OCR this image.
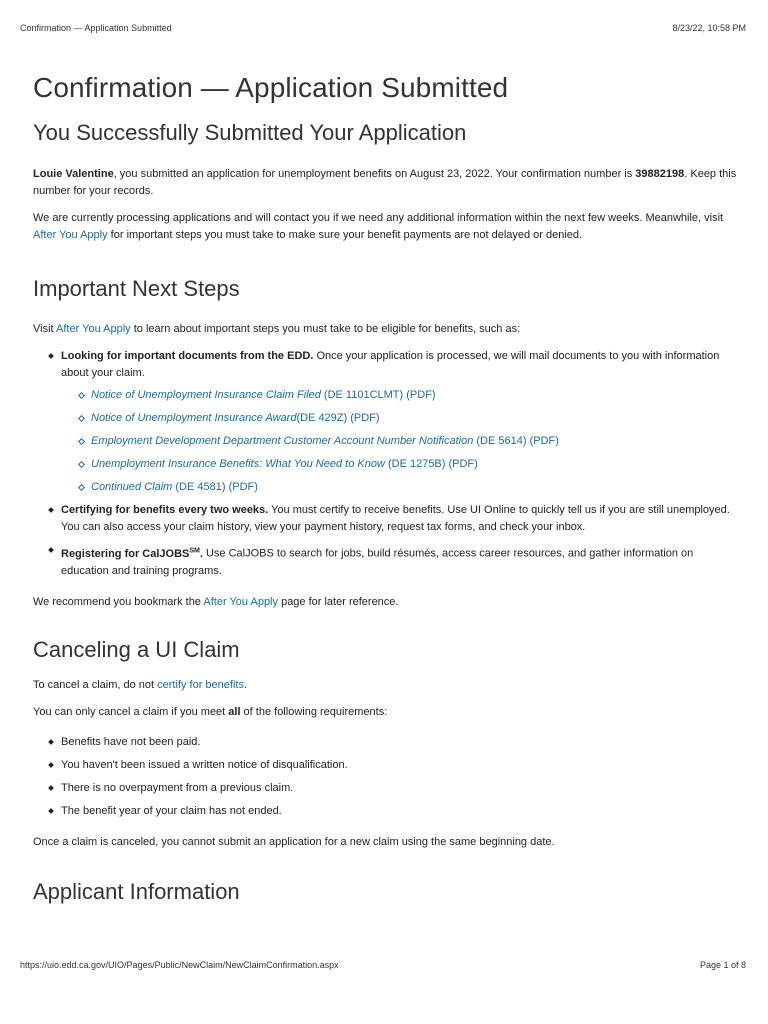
Confirmation — Application Submitted	8/23/22, 10:58 PM
Confirmation — Application Submitted
You Successfully Submitted Your Application

Louie Valentine, you submitted an application for unemployment benefits on August 23, 2022. Your confirmation number is 39882198. Keep this number for your records.

We are currently processing applications and will contact you if we need any additional information within the next few weeks. Meanwhile, visit After You Apply for important steps you must take to make sure your benefit payments are not delayed or denied.

Important Next Steps

Visit After You Apply to learn about important steps you must take to be eligible for benefits, such as:

Looking for important documents from the EDD. Once your application is processed, we will mail documents to you with information about your claim.
Notice of Unemployment Insurance Claim Filed (DE 1101CLMT) (PDF)
Notice of Unemployment Insurance Award(DE 429Z) (PDF)
Employment Development Department Customer Account Number Notification (DE 5614) (PDF)
Unemployment Insurance Benefits: What You Need to Know (DE 1275B) (PDF)
Continued Claim (DE 4581) (PDF)
Certifying for benefits every two weeks. You must certify to receive benefits. Use UI Online to quickly tell us if you are still unemployed. You can also access your claim history, view your payment history, request tax forms, and check your inbox.
Registering for CalJOBS℠. Use CalJOBS to search for jobs, build résumés, access career resources, and gather information on education and training programs.

We recommend you bookmark the After You Apply page for later reference.

Canceling a UI Claim

To cancel a claim, do not certify for benefits.

You can only cancel a claim if you meet all of the following requirements:

Benefits have not been paid.
You haven't been issued a written notice of disqualification.
There is no overpayment from a previous claim.
The benefit year of your claim has not ended.

Once a claim is canceled, you cannot submit an application for a new claim using the same beginning date.

Applicant Information
https://uio.edd.ca.gov/UIO/Pages/Public/NewClaim/NewClaimConfirmation.aspx	Page 1 of 8
